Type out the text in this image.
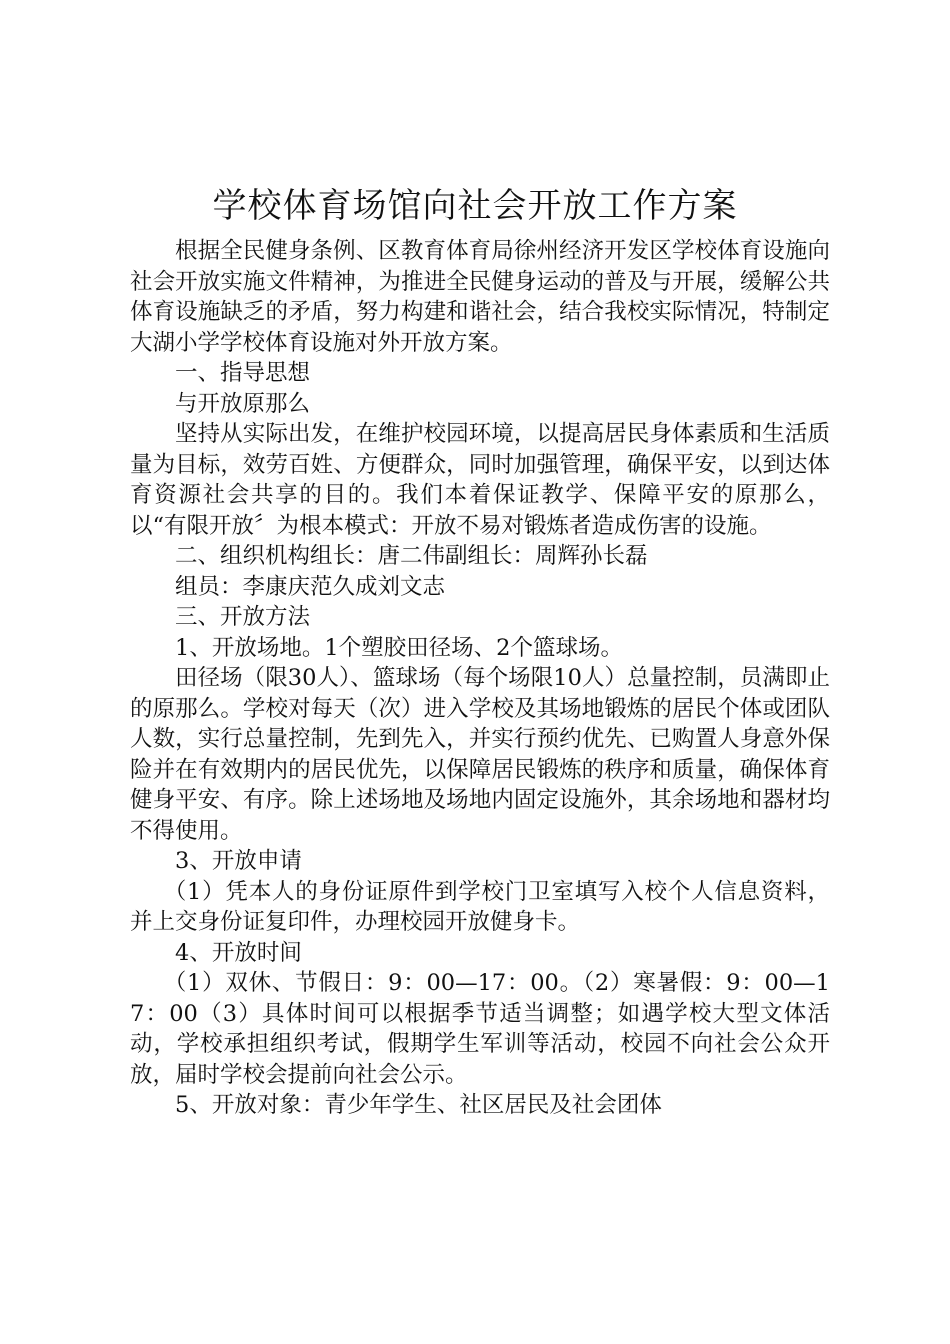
学校体育场馆向社会开放工作方案

根据全民健身条例、区教育体育局徐州经济开发区学校体育设施向社会开放实施文件精神，为推进全民健身运动的普及与开展，缓解公共体育设施缺乏的矛盾，努力构建和谐社会，结合我校实际情况，特制定大湖小学学校体育设施对外开放方案。

一、指导思想

与开放原那么

坚持从实际出发，在维护校园环境，以提高居民身体素质和生活质量为目标，效劳百姓、方便群众，同时加强管理，确保平安，以到达体育资源社会共享的目的。我们本着保证教学、保障平安的原那么，以“有限开放〞为根本模式：开放不易对锻炼者造成伤害的设施。

二、组织机构组长：唐二伟副组长：周辉孙长磊

组员：李康庆范久成刘文志

三、开放方法

1、开放场地。1个塑胶田径场、2个篮球场。

田径场（限30人）、篮球场（每个场限10人）总量控制，员满即止的原那么。学校对每天（次）进入学校及其场地锻炼的居民个体或团队人数，实行总量控制，先到先入，并实行预约优先、已购置人身意外保险并在有效期内的居民优先，以保障居民锻炼的秩序和质量，确保体育健身平安、有序。除上述场地及场地内固定设施外，其余场地和器材均不得使用。

3、开放申请

（1）凭本人的身份证原件到学校门卫室填写入校个人信息资料，并上交身份证复印件，办理校园开放健身卡。

4、开放时间

（1）双休、节假日：9：00—17：00。（2）寒暑假：9：00—17：00（3）具体时间可以根据季节适当调整；如遇学校大型文体活动，学校承担组织考试，假期学生军训等活动，校园不向社会公众开放，届时学校会提前向社会公示。

5、开放对象：青少年学生、社区居民及社会团体
